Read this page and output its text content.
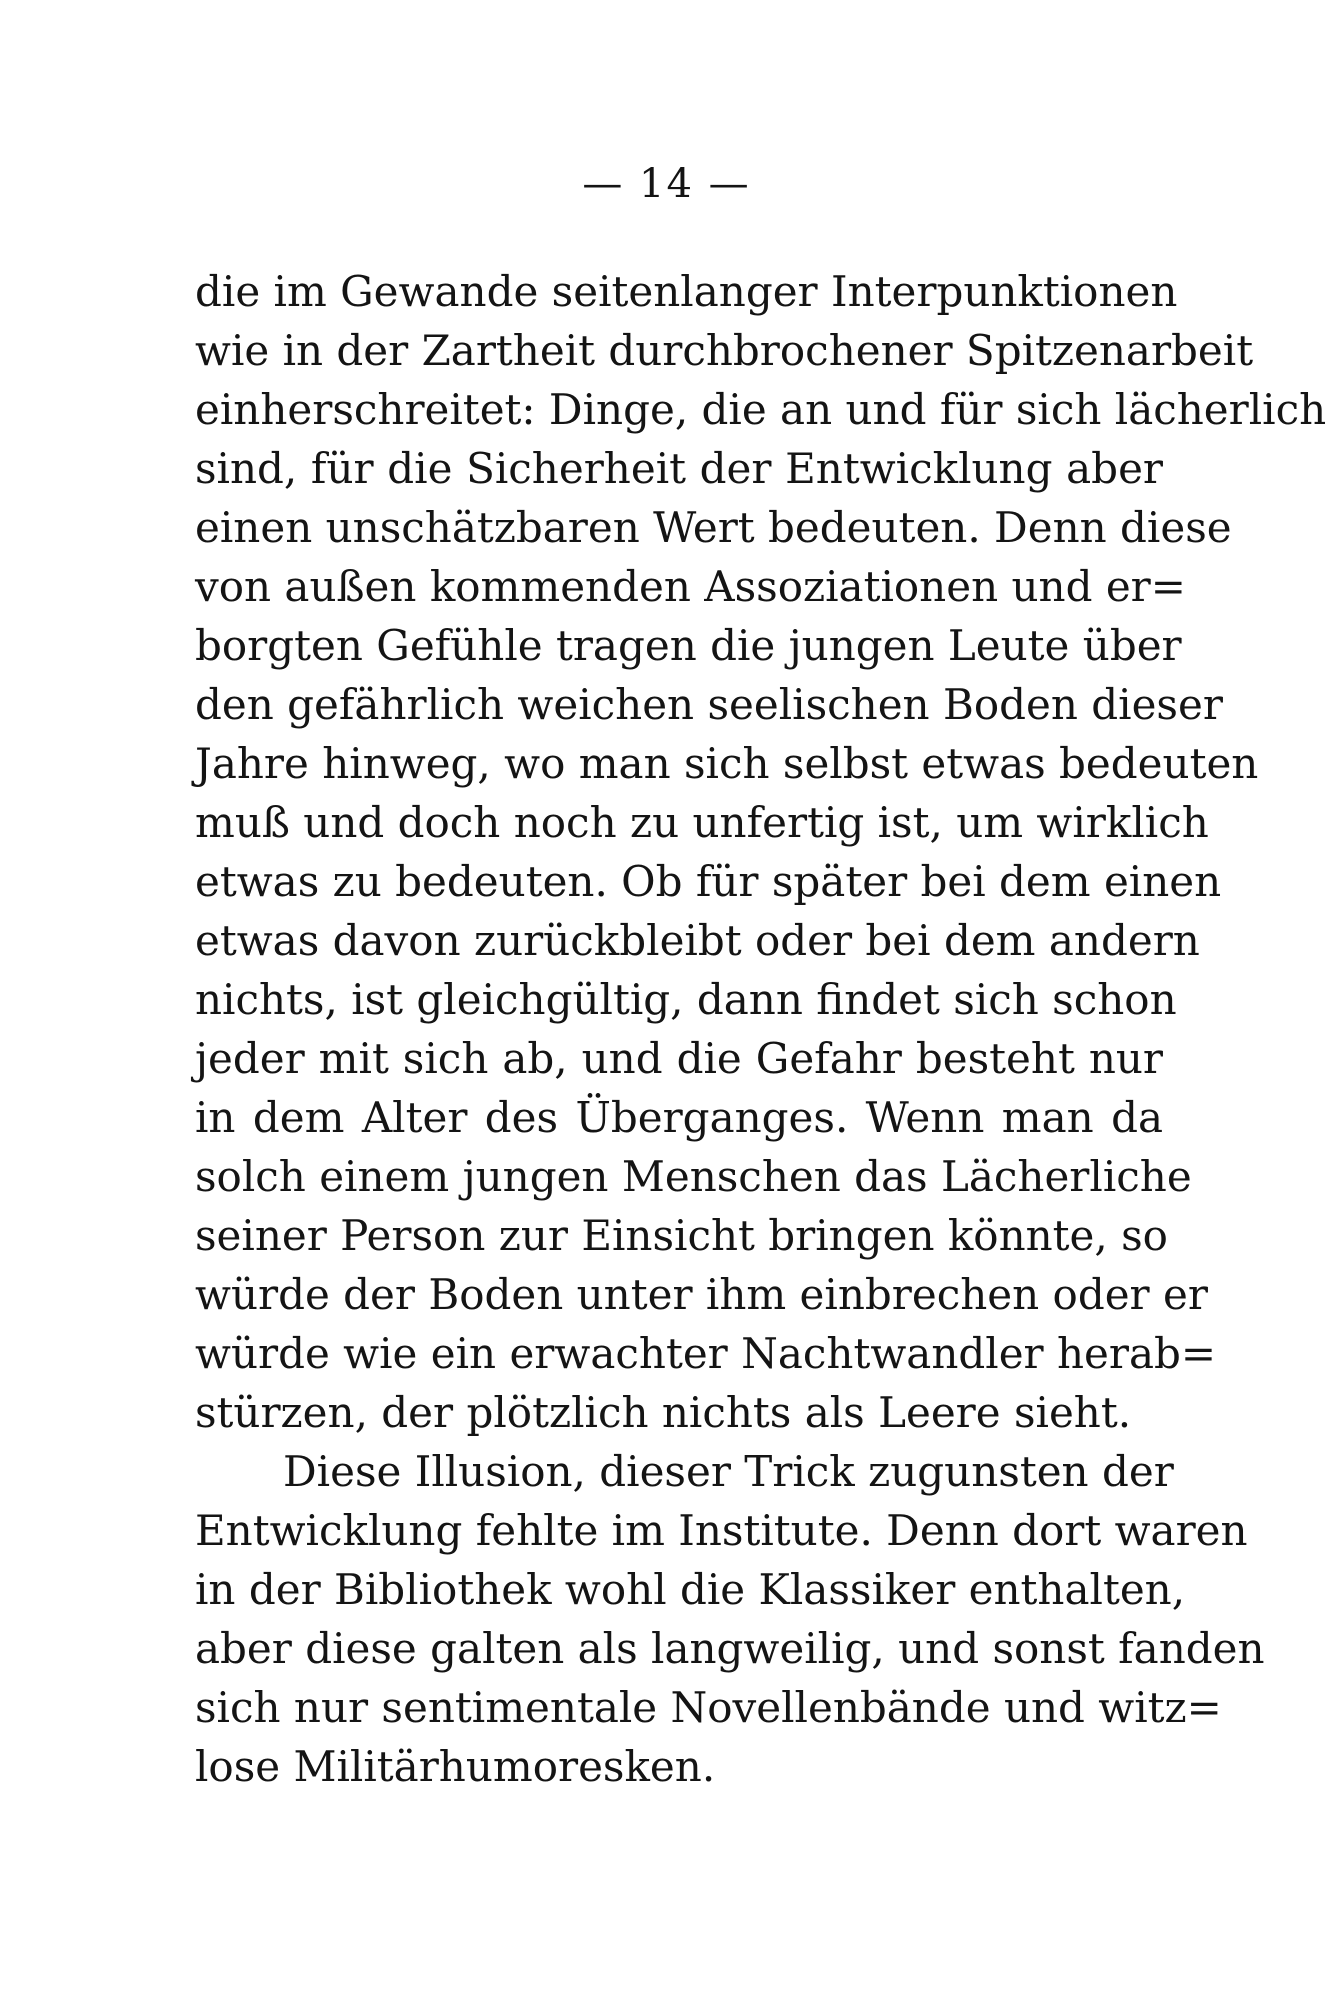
— 14 —
die im Gewande seitenlanger Interpunktionen
wie in der Zartheit durchbrochener Spitzenarbeit
einherschreitet: Dinge, die an und für sich lächerlich
sind, für die Sicherheit der Entwicklung aber
einen unschätzbaren Wert bedeuten. Denn diese
von außen kommenden Assoziationen und er=
borgten Gefühle tragen die jungen Leute über
den gefährlich weichen seelischen Boden dieser
Jahre hinweg, wo man sich selbst etwas bedeuten
muß und doch noch zu unfertig ist, um wirklich
etwas zu bedeuten. Ob für später bei dem einen
etwas davon zurückbleibt oder bei dem andern
nichts, ist gleichgültig, dann findet sich schon
jeder mit sich ab, und die Gefahr besteht nur
in dem Alter des Überganges. Wenn man da
solch einem jungen Menschen das Lächerliche
seiner Person zur Einsicht bringen könnte, so
würde der Boden unter ihm einbrechen oder er
würde wie ein erwachter Nachtwandler herab=
stürzen, der plötzlich nichts als Leere sieht.
Diese Illusion, dieser Trick zugunsten der
Entwicklung fehlte im Institute. Denn dort waren
in der Bibliothek wohl die Klassiker enthalten,
aber diese galten als langweilig, und sonst fanden
sich nur sentimentale Novellenbände und witz=
lose Militärhumoresken.
